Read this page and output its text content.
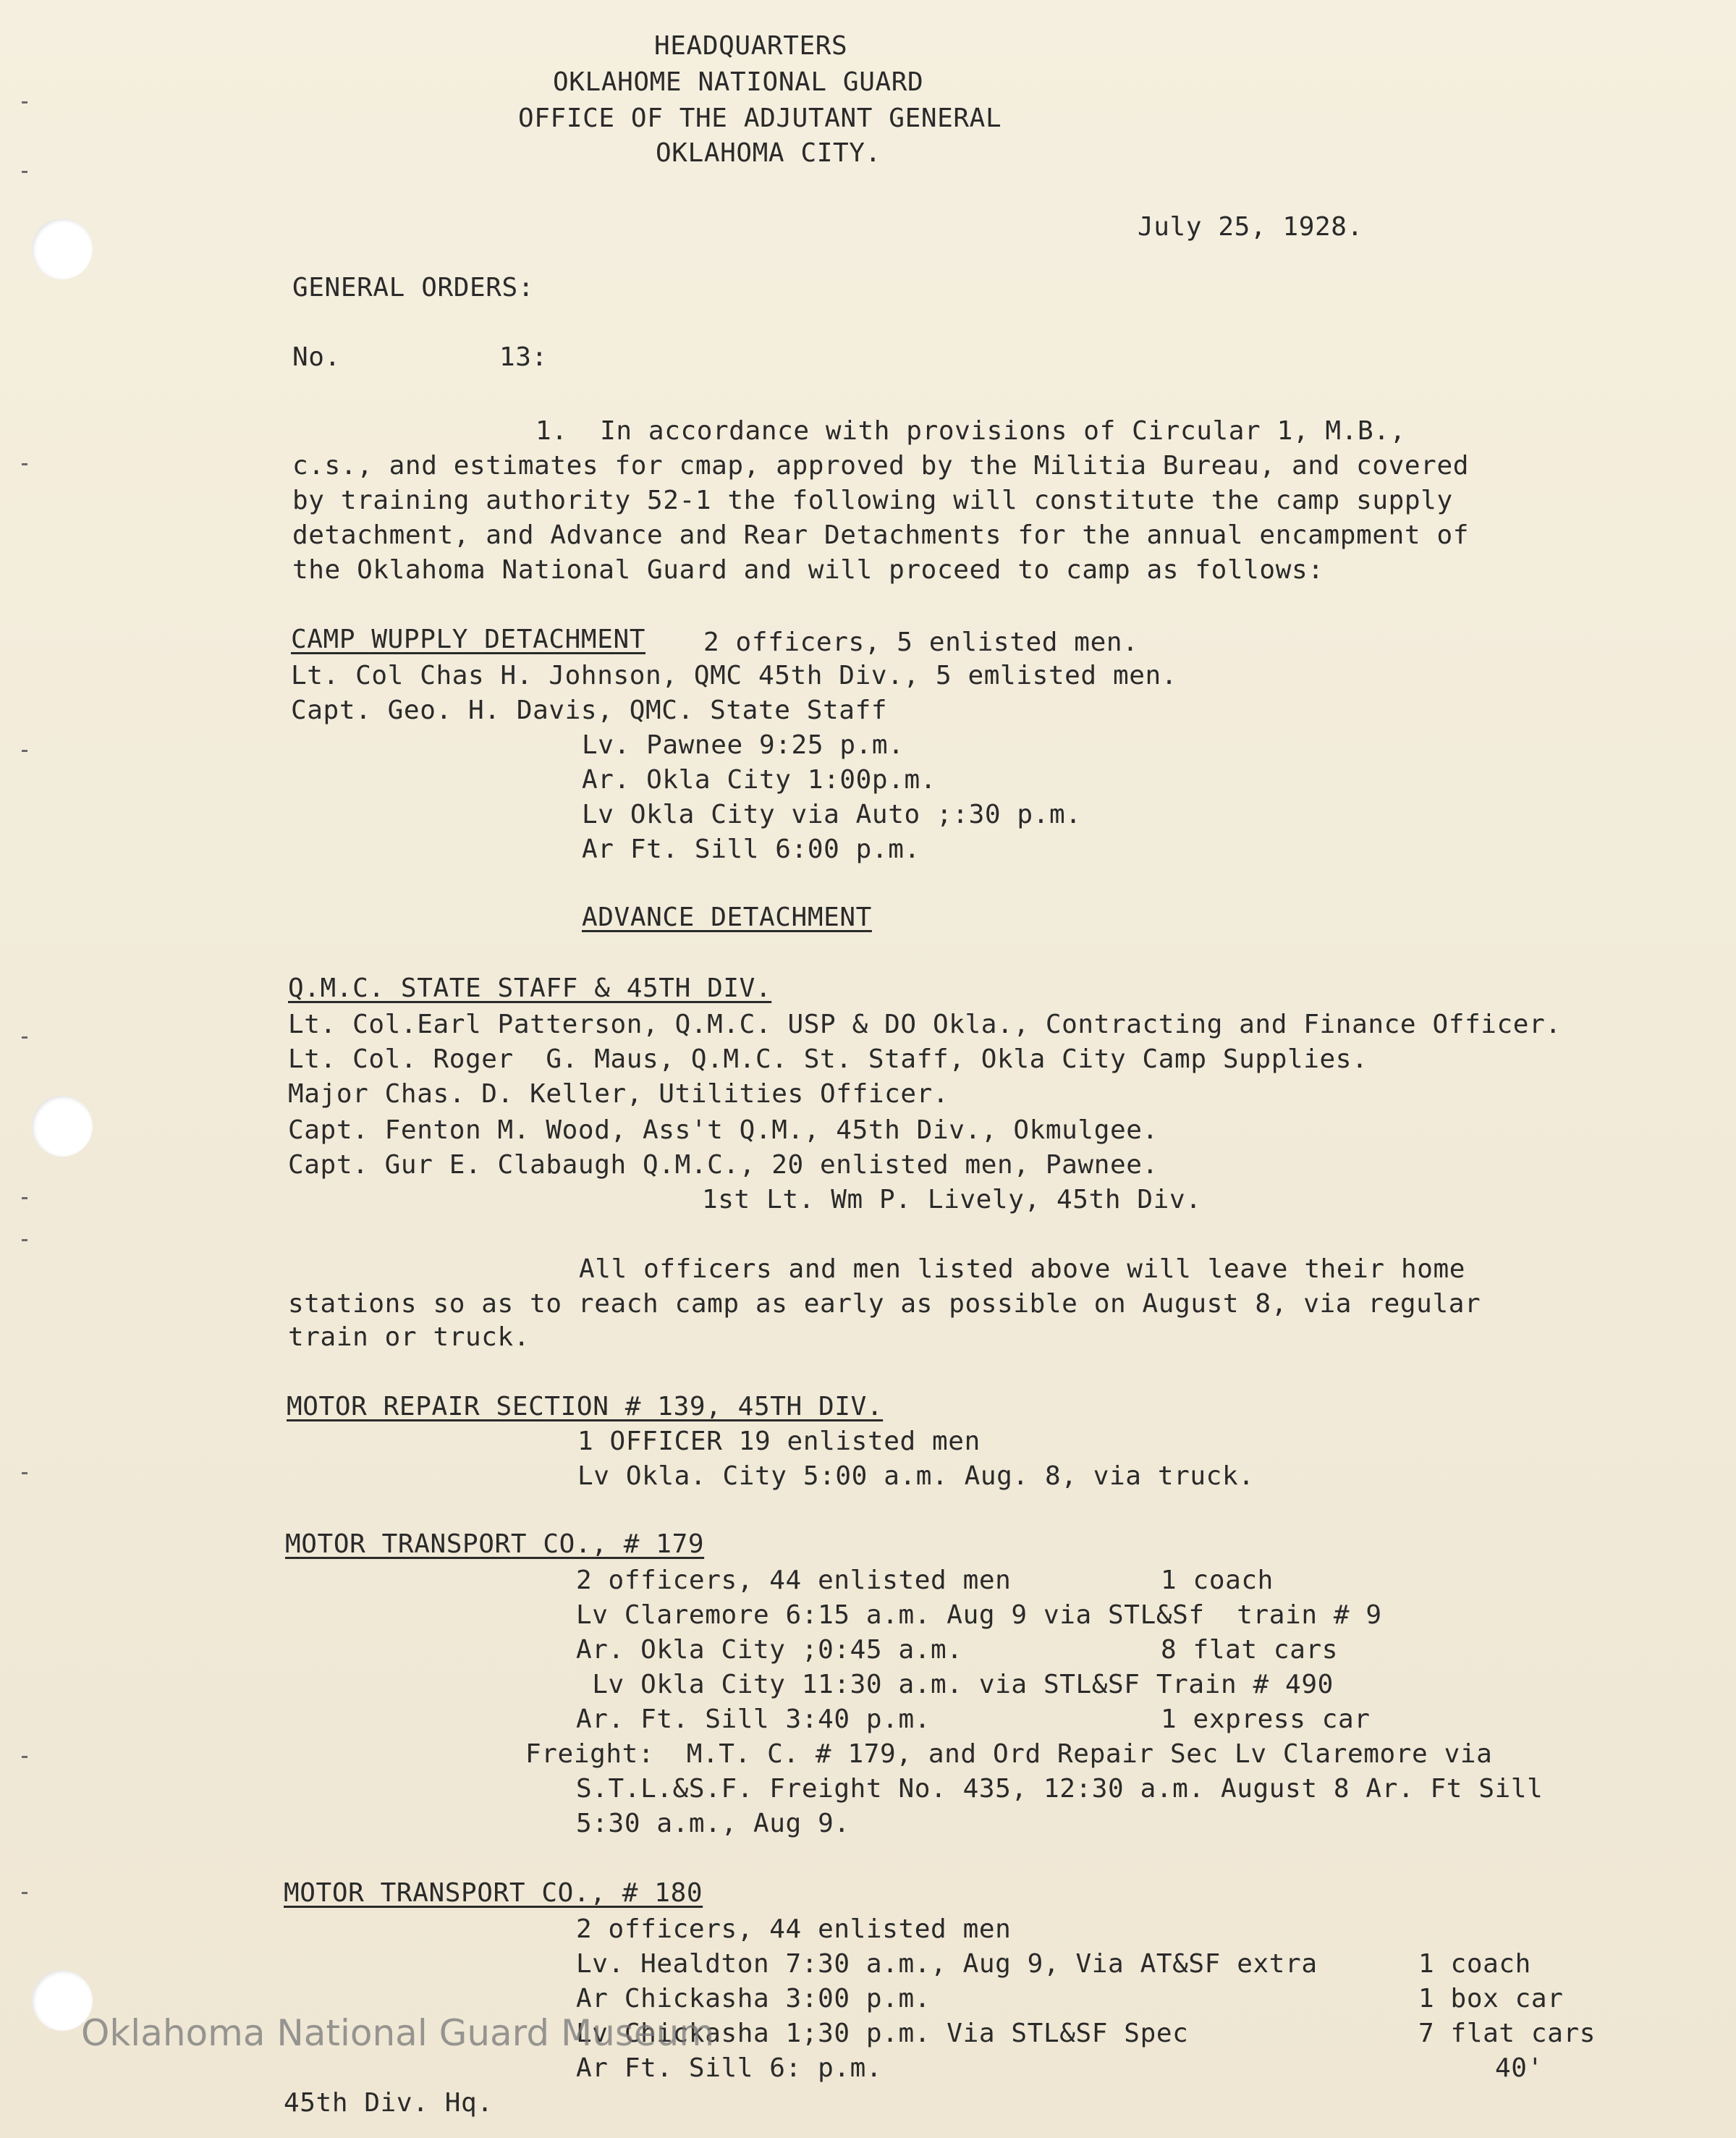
HEADQUARTERS
OKLAHOME NATIONAL GUARD
OFFICE OF THE ADJUTANT GENERAL
OKLAHOMA CITY.
July 25, 1928.
GENERAL ORDERS:
No.	13:
1.  In accordance with provisions of Circular 1, M.B.,
c.s., and estimates for cmap, approved by the Militia Bureau, and covered
by training authority 52-1 the following will constitute the camp supply
detachment, and Advance and Rear Detachments for the annual encampment of
the Oklahoma National Guard and will proceed to camp as follows:
CAMP WUPPLY DETACHMENT 2 officers, 5 enlisted men.
Lt. Col Chas H. Johnson, QMC 45th Div., 5 emlisted men.
Capt. Geo. H. Davis, QMC. State Staff
Lv. Pawnee 9:25 p.m.
Ar. Okla City 1:00p.m.
Lv Okla City via Auto ;:30 p.m.
Ar Ft. Sill 6:00 p.m.
ADVANCE DETACHMENT
Q.M.C. STATE STAFF & 45TH DIV.
Lt. Col.Earl Patterson, Q.M.C. USP & DO Okla., Contracting and Finance Officer.
Lt. Col. Roger  G. Maus, Q.M.C. St. Staff, Okla City Camp Supplies.
Major Chas. D. Keller, Utilities Officer.
Capt. Fenton M. Wood, Ass't Q.M., 45th Div., Okmulgee.
Capt. Gur E. Clabaugh Q.M.C., 20 enlisted men, Pawnee.
1st Lt. Wm P. Lively, 45th Div.
All officers and men listed above will leave their home
stations so as to reach camp as early as possible on August 8, via regular
train or truck.
MOTOR REPAIR SECTION # 139, 45TH DIV.
1 OFFICER 19 enlisted men
Lv Okla. City 5:00 a.m. Aug. 8, via truck.
MOTOR TRANSPORT CO., # 179
2 officers, 44 enlisted men	1 coach
Lv Claremore 6:15 a.m. Aug 9 via STL&Sf  train # 9
Ar. Okla City ;0:45 a.m.	8 flat cars
Lv Okla City 11:30 a.m. via STL&SF Train # 490
Ar. Ft. Sill 3:40 p.m.	1 express car
Freight:  M.T. C. # 179, and Ord Repair Sec Lv Claremore via
S.T.L.&S.F. Freight No. 435, 12:30 a.m. August 8 Ar. Ft Sill
5:30 a.m., Aug 9.
MOTOR TRANSPORT CO., # 180
2 officers, 44 enlisted men
Lv. Healdton 7:30 a.m., Aug 9, Via AT&SF extra	1 coach
Ar Chickasha 3:00 p.m.	1 box car
Lv Chickasha 1;30 p.m. Via STL&SF Spec	7 flat cars
Ar Ft. Sill 6: p.m.	40'
45th Div. Hq.
Oklahoma National Guard Museum
